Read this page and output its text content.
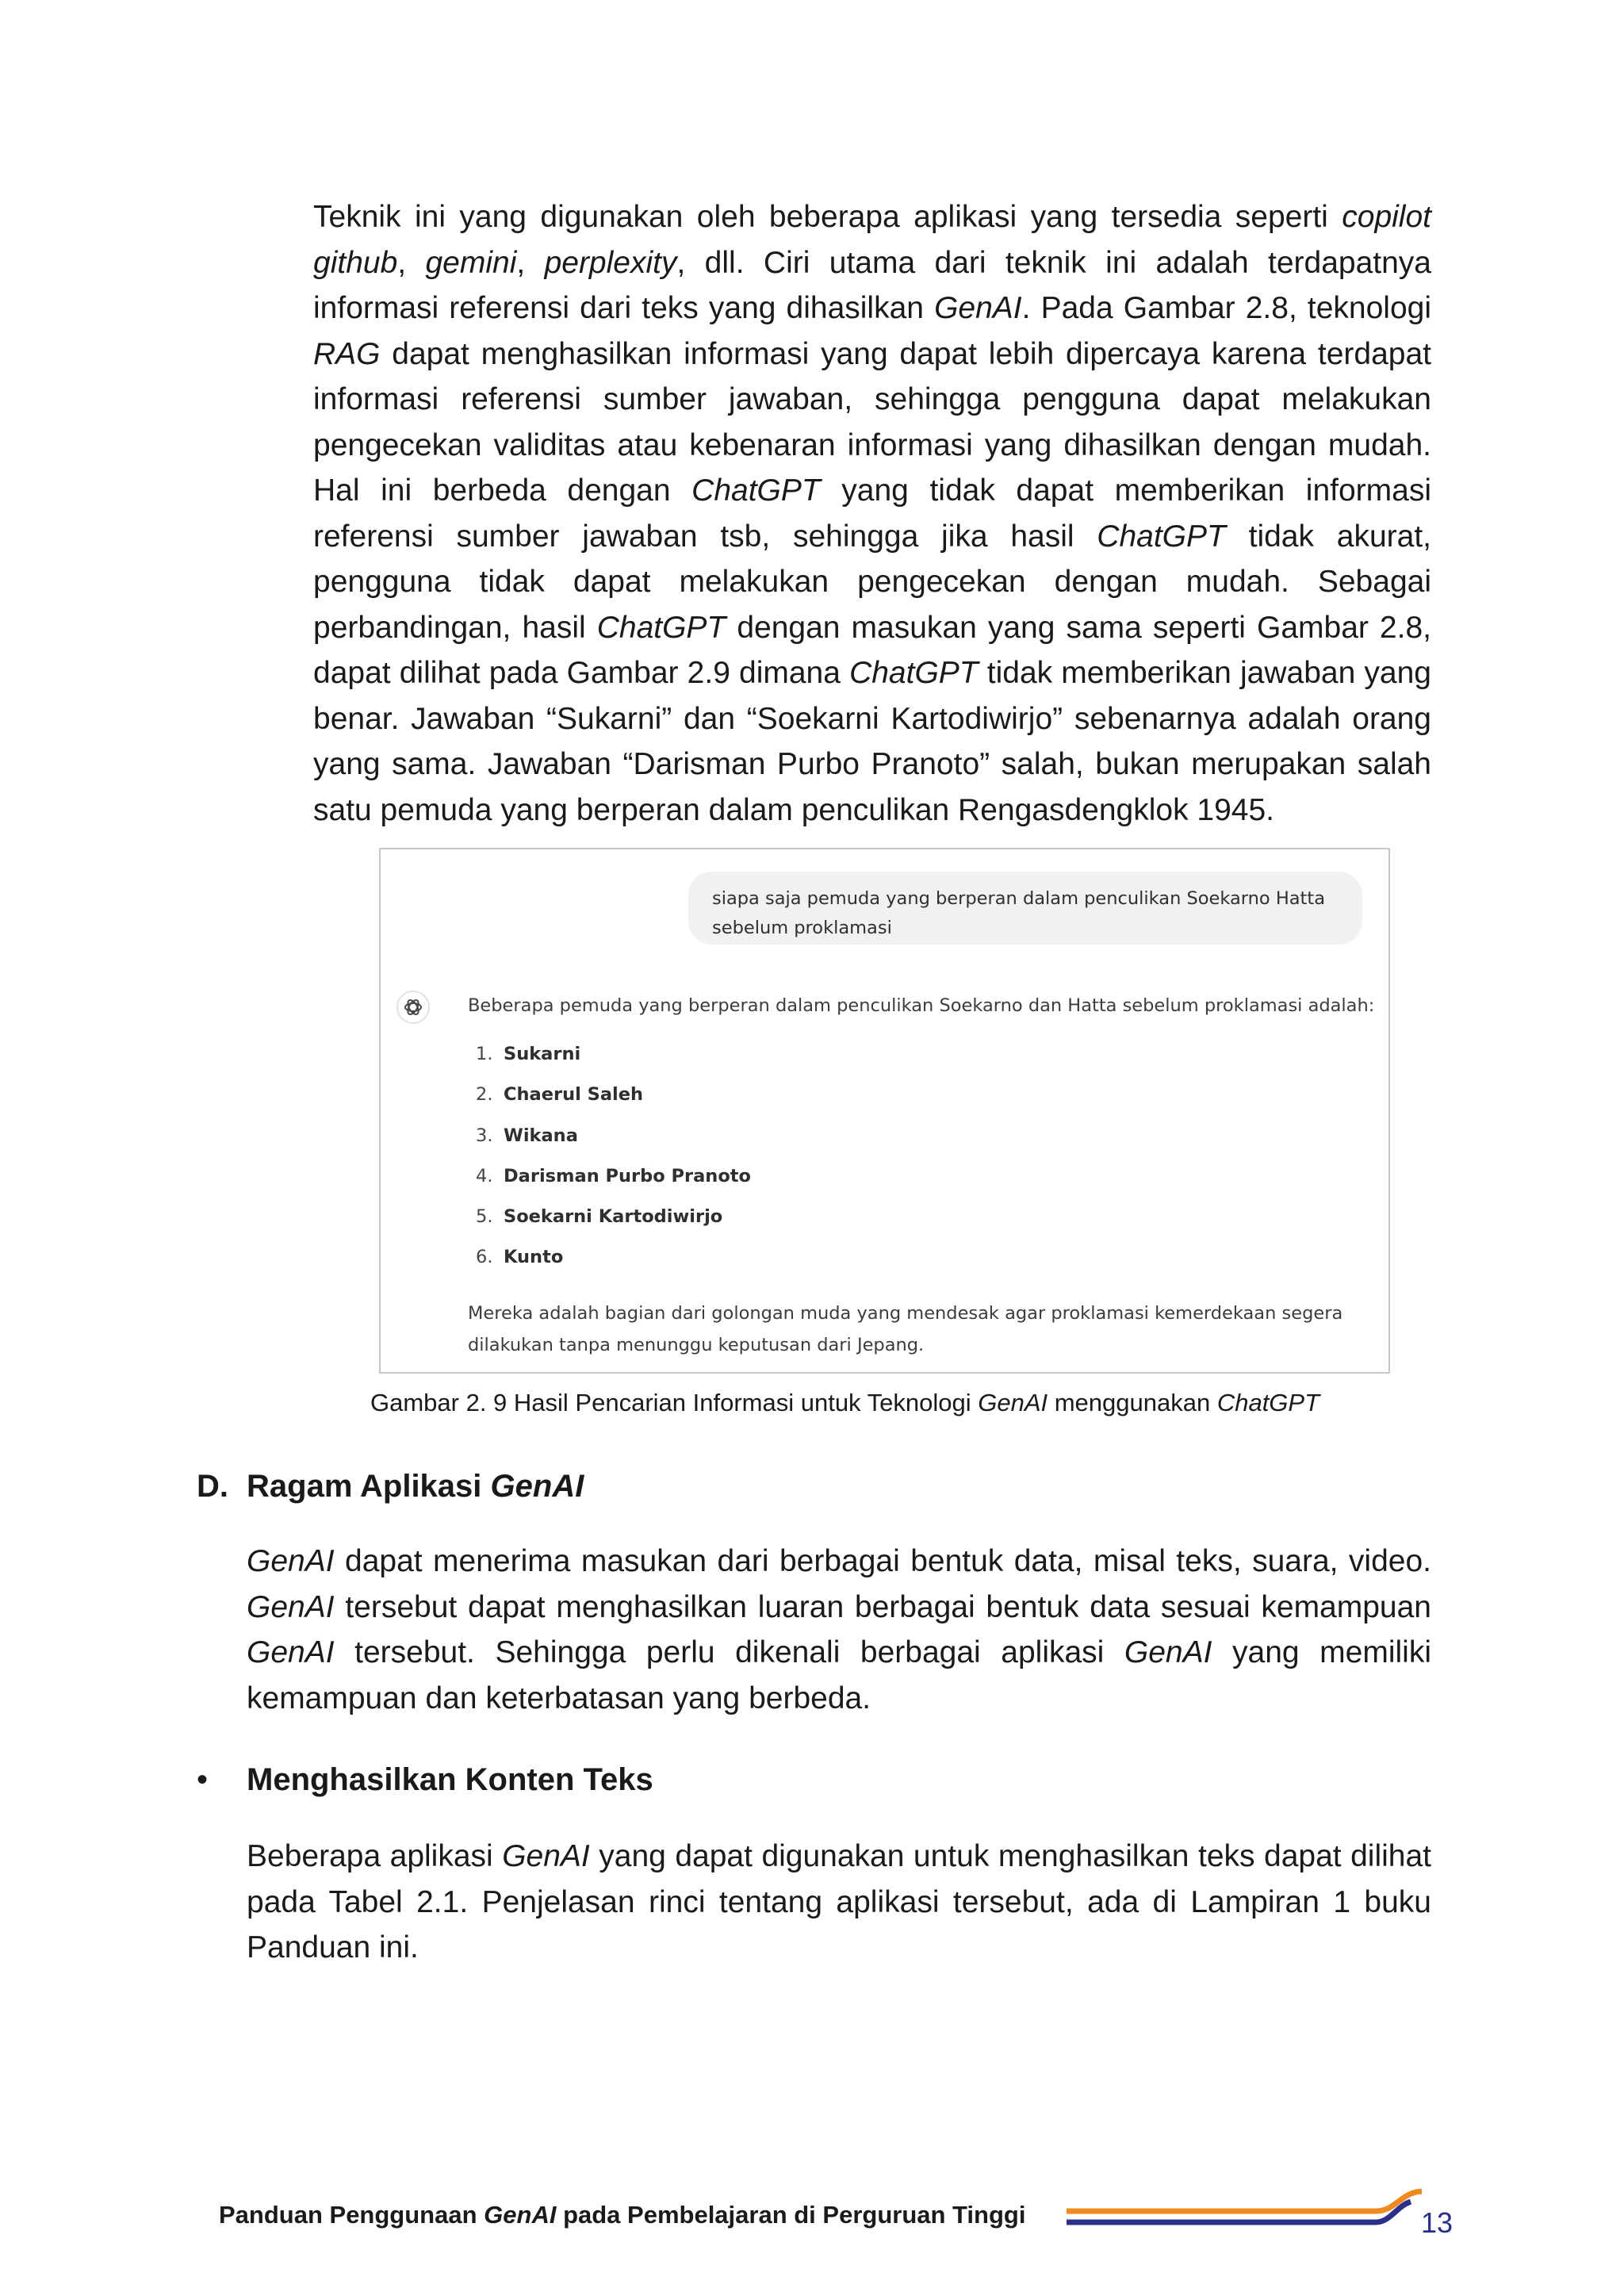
Teknik ini yang digunakan oleh beberapa aplikasi yang tersedia seperti copilot github, gemini, perplexity, dll. Ciri utama dari teknik ini adalah terdapatnya informasi referensi dari teks yang dihasilkan GenAI. Pada Gambar 2.8, teknologi RAG dapat menghasilkan informasi yang dapat lebih dipercaya karena terdapat informasi referensi sumber jawaban, sehingga pengguna dapat melakukan pengecekan validitas atau kebenaran informasi yang dihasilkan dengan mudah. Hal ini berbeda dengan ChatGPT yang tidak dapat memberikan informasi referensi sumber jawaban tsb, sehingga jika hasil ChatGPT tidak akurat, pengguna tidak dapat melakukan pengecekan dengan mudah. Sebagai perbandingan, hasil ChatGPT dengan masukan yang sama seperti Gambar 2.8, dapat dilihat pada Gambar 2.9 dimana ChatGPT tidak memberikan jawaban yang benar. Jawaban “Sukarni” dan “Soekarni Kartodiwirjo” sebenarnya adalah orang yang sama. Jawaban “Darisman Purbo Pranoto” salah, bukan merupakan salah satu pemuda yang berperan dalam penculikan Rengasdengklok 1945.

siapa saja pemuda yang berperan dalam penculikan Soekarno Hatta sebelum proklamasi
Beberapa pemuda yang berperan dalam penculikan Soekarno dan Hatta sebelum proklamasi adalah:
1. Sukarni
2. Chaerul Saleh
3. Wikana
4. Darisman Purbo Pranoto
5. Soekarni Kartodiwirjo
6. Kunto
Mereka adalah bagian dari golongan muda yang mendesak agar proklamasi kemerdekaan segera dilakukan tanpa menunggu keputusan dari Jepang.
Gambar 2. 9 Hasil Pencarian Informasi untuk Teknologi GenAI menggunakan ChatGPT
D. Ragam Aplikasi GenAI

GenAI dapat menerima masukan dari berbagai bentuk data, misal teks, suara, video. GenAI tersebut dapat menghasilkan luaran berbagai bentuk data sesuai kemampuan GenAI tersebut. Sehingga perlu dikenali berbagai aplikasi GenAI yang memiliki kemampuan dan keterbatasan yang berbeda.

• Menghasilkan Konten Teks

Beberapa aplikasi GenAI yang dapat digunakan untuk menghasilkan teks dapat dilihat pada Tabel 2.1. Penjelasan rinci tentang aplikasi tersebut, ada di Lampiran 1 buku Panduan ini.

Panduan Penggunaan GenAI pada Pembelajaran di Perguruan Tinggi	13
